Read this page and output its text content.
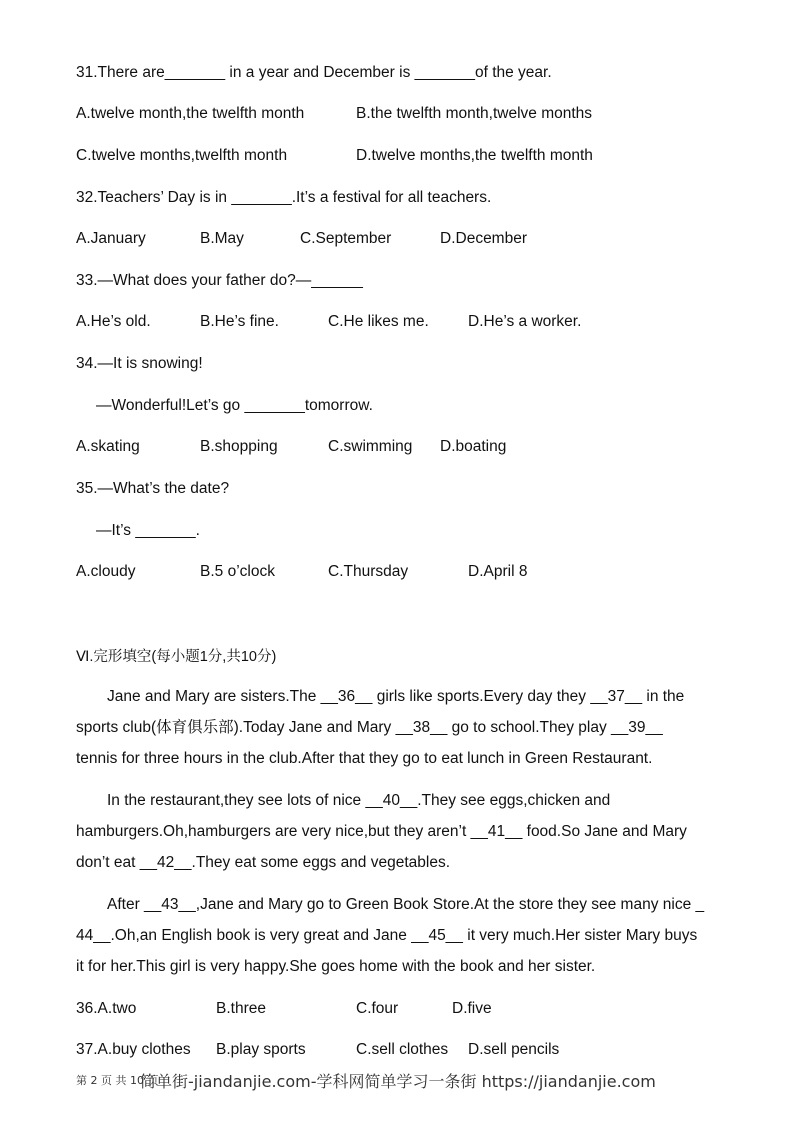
31.There are_______ in a year and December is _______of the year.
A.twelve month,the twelfth month	B.the twelfth month,twelve months
C.twelve months,twelfth month	D.twelve months,the twelfth month
32.Teachers’ Day is in _______.It’s a festival for all teachers.
A.January	B.May	C.September	D.December
33.—What does your father do?—______
A.He’s old.	B.He’s fine.	C.He likes me.	D.He’s a worker.
34.—It is snowing!
—Wonderful!Let’s go _______tomorrow.
A.skating	B.shopping	C.swimming D.boating
35.—What’s the date?
—It’s _______.
A.cloudy	B.5 o’clock	C.Thursday	D.April 8
Ⅵ.完形填空(每小题1分,共10分)
Jane and Mary are sisters.The __36__ girls like sports.Every day they __37__ in the
sports club(体育俱乐部).Today Jane and Mary __38__ go to school.They play __39__
tennis for three hours in the club.After that they go to eat lunch in Green Restaurant.
In the restaurant,they see lots of nice __40__.They see eggs,chicken and
hamburgers.Oh,hamburgers are very nice,but they aren’t __41__ food.So Jane and Mary
don’t eat __42__.They eat some eggs and vegetables.
After __43__,Jane and Mary go to Green Book Store.At the store they see many nice _
44__.Oh,an English book is very great and Jane __45__ it very much.Her sister Mary buys
it for her.This girl is very happy.She goes home with the book and her sister.
36.A.two	B.three	C.four	D.five
37.A.buy clothes B.play sports	C.sell clothes D.sell pencils
第 2 页 共 10 页
简单街-jiandanjie.com-学科网简单学习一条街 https://jiandanjie.com
